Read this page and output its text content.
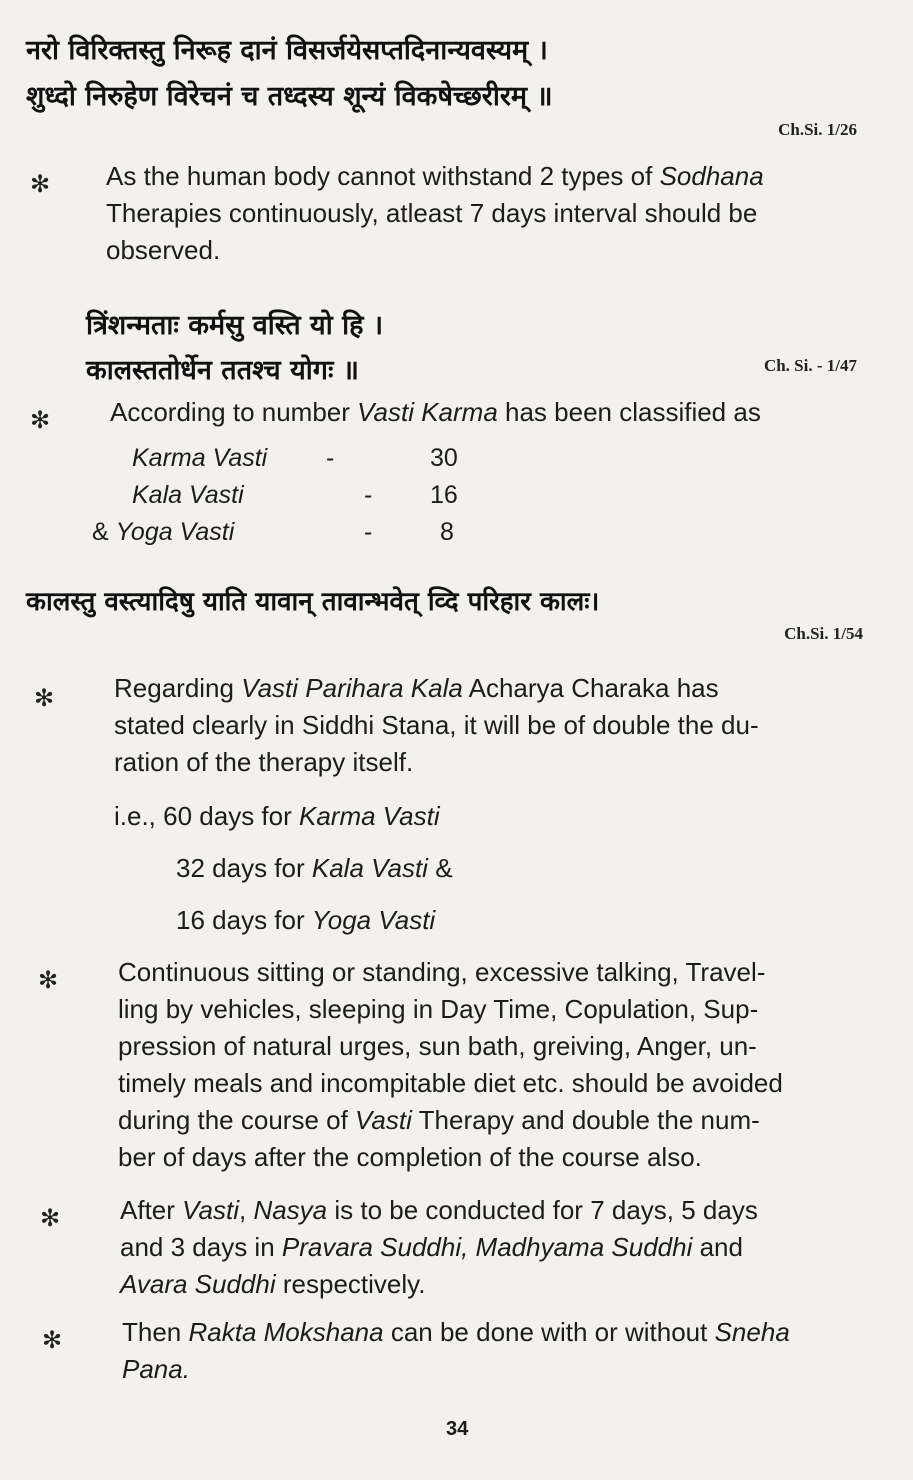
नरो विरिक्तस्तु निरूह दानं विसर्जयेसप्तदिनान्यवस्यम् ।
शुध्दो निरुहेण विरेचनं च तध्दस्य शून्यं विकषेच्छरीरम् ॥
Ch.Si. 1/26
✻ As the human body cannot withstand 2 types of Sodhana

Therapies continuously, atleast 7 days interval should be

observed.

त्रिंशन्मताः कर्मसु वस्ति यो हि ।
कालस्ततोर्धेन ततश्च योगः ॥	Ch. Si. - 1/47
✻ According to number Vasti Karma has been classified as
Karma Vasti -	30
Kala Vasti	- 16
& Yoga Vasti	-	8
कालस्तु वस्त्यादिषु याति यावान् तावान्भवेत् व्दि परिहार कालः।
Ch.Si. 1/54
✻ Regarding Vasti Parihara Kala Acharya Charaka has

stated clearly in Siddhi Stana, it will be of double the du-

ration of the therapy itself.

i.e., 60 days for Karma Vasti
32 days for Kala Vasti &
16 days for Yoga Vasti
✻ Continuous sitting or standing, excessive talking, Travel-

ling by vehicles, sleeping in Day Time, Copulation, Sup-

pression of natural urges, sun bath, greiving, Anger, un-

timely meals and incompitable diet etc. should be avoided

during the course of Vasti Therapy and double the num-

ber of days after the completion of the course also.

✻ After Vasti, Nasya is to be conducted for 7 days, 5 days

and 3 days in Pravara Suddhi, Madhyama Suddhi and

Avara Suddhi respectively.

✻ Then Rakta Mokshana can be done with or without Sneha

Pana.

34
